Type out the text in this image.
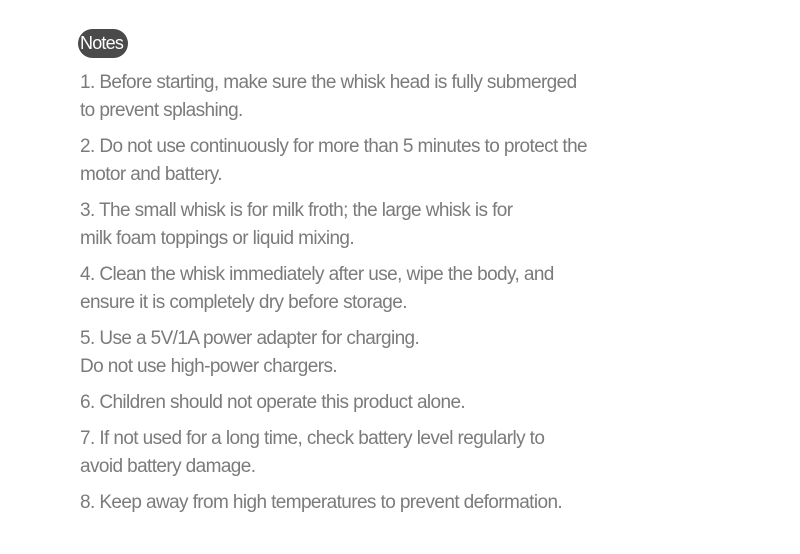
Notes
1. Before starting, make sure the whisk head is fully submerged
to prevent splashing.
2. Do not use continuously for more than 5 minutes to protect the
motor and battery.
3. The small whisk is for milk froth; the large whisk is for
milk foam toppings or liquid mixing.
4. Clean the whisk immediately after use, wipe the body, and
ensure it is completely dry before storage.
5. Use a 5V/1A power adapter for charging.
Do not use high-power chargers.
6. Children should not operate this product alone.
7. If not used for a long time, check battery level regularly to
avoid battery damage.
8. Keep away from high temperatures to prevent deformation.
